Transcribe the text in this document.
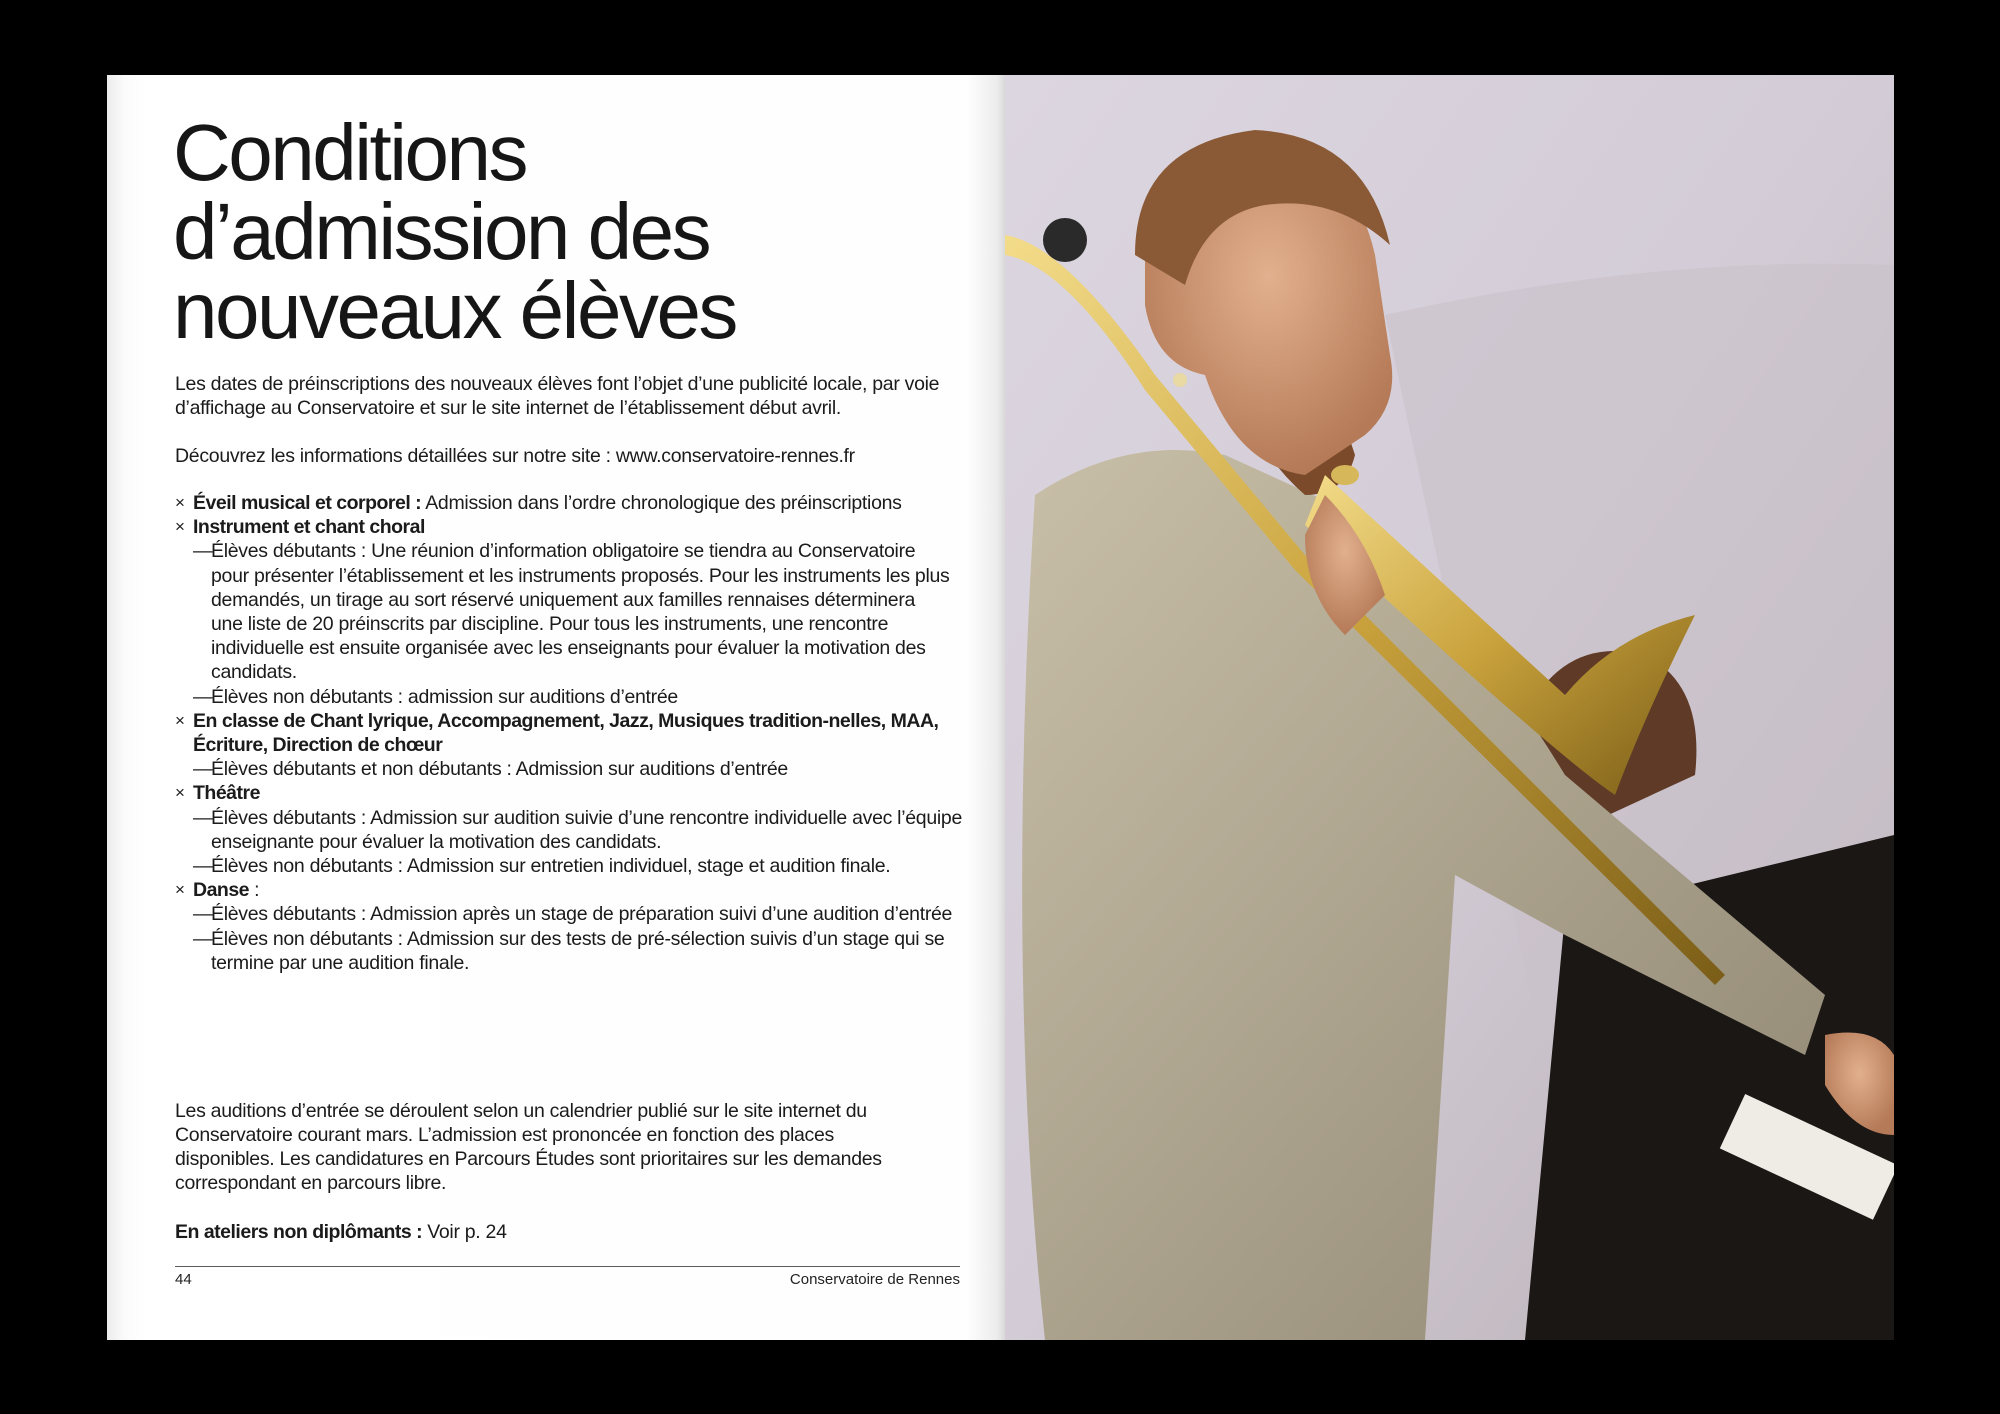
Conditions
d’admission des
nouveaux élèves

Les dates de préinscriptions des nouveaux élèves font l’objet d’une publicité locale, par voie d’affichage au Conservatoire et sur le site internet de l’établissement début avril.

Découvrez les informations détaillées sur notre site : www.conservatoire-rennes.fr

× Éveil musical et corporel : Admission dans l’ordre chronologique des préinscriptions
× Instrument et chant choral
—
Élèves débutants : Une réunion d’information obligatoire se tiendra au Conservatoire pour présenter l’établissement et les instruments proposés. Pour les instruments les plus demandés, un tirage au sort réservé uniquement aux familles rennaises déterminera une liste de 20 préinscrits par discipline. Pour tous les instruments, une rencontre individuelle est ensuite organisée avec les enseignants pour évaluer la motivation des candidats.
—
Élèves non débutants : admission sur auditions d’entrée
× En classe de Chant lyrique, Accompagnement, Jazz, Musiques tradition-nelles, MAA, Écriture, Direction de chœur
—
Élèves débutants et non débutants : Admission sur auditions d’entrée
× Théâtre
—
Élèves débutants : Admission sur audition suivie d’une rencontre individuelle avec l’équipe enseignante pour évaluer la motivation des candidats.
—
Élèves non débutants : Admission sur entretien individuel, stage et audition finale.
× Danse :
—
Élèves débutants : Admission après un stage de préparation suivi d’une audition d’entrée
—
Élèves non débutants : Admission sur des tests de pré-sélection suivis d’un stage qui se termine par une audition finale.

Les auditions d’entrée se déroulent selon un calendrier publié sur le site internet du Conservatoire courant mars. L’admission est prononcée en fonction des places disponibles. Les candidatures en Parcours Études sont prioritaires sur les demandes correspondant en parcours libre.

En ateliers non diplômants : Voir p. 24

44	Conservatoire de Rennes
